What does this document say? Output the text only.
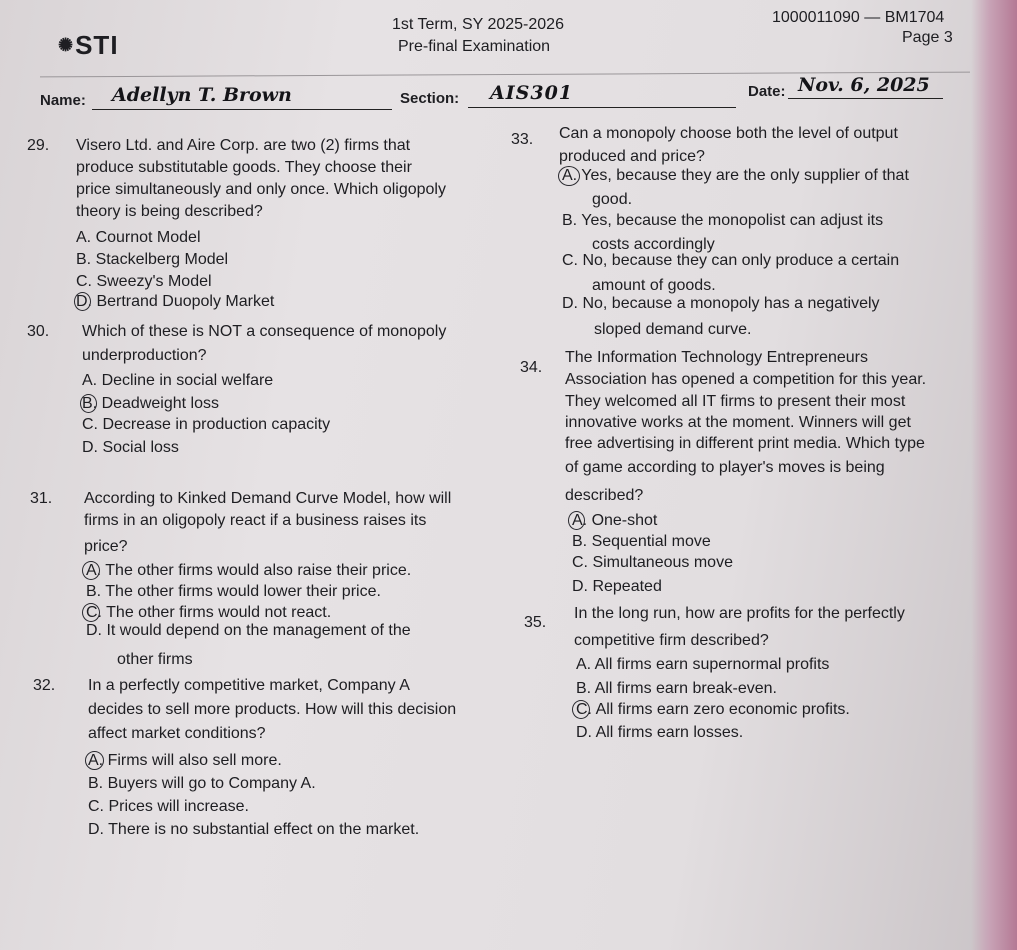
✺STI
1st Term, SY 2025-2026
Pre-final Examination
1000011090 — BM1704
Page 3
Name: Adellyn T. Brown	Section: AIS301	Date: Nov. 6, 2025
29. Visero Ltd. and Aire Corp. are two (2) firms that
produce substitutable goods. They choose their
price simultaneously and only once. Which oligopoly
theory is being described?
A. Cournot Model
B. Stackelberg Model
C. Sweezy's Model
D. Bertrand Duopoly Market
30. Which of these is NOT a consequence of monopoly
underproduction?
A. Decline in social welfare
B. Deadweight loss
C. Decrease in production capacity
D. Social loss
31. According to Kinked Demand Curve Model, how will
firms in an oligopoly react if a business raises its
price?
A. The other firms would also raise their price.
B. The other firms would lower their price.
C. The other firms would not react.
D. It would depend on the management of the
other firms
32. In a perfectly competitive market, Company A
decides to sell more products. How will this decision
affect market conditions?
A. Firms will also sell more.
B. Buyers will go to Company A.
C. Prices will increase.
D. There is no substantial effect on the market.
33. Can a monopoly choose both the level of output
produced and price?
A. Yes, because they are the only supplier of that
good.
B. Yes, because the monopolist can adjust its
costs accordingly
C. No, because they can only produce a certain
amount of goods.
D. No, because a monopoly has a negatively
sloped demand curve.
34.
The Information Technology Entrepreneurs
Association has opened a competition for this year.
They welcomed all IT firms to present their most
innovative works at the moment. Winners will get
free advertising in different print media. Which type
of game according to player's moves is being
described?
A. One-shot
B. Sequential move
C. Simultaneous move
D. Repeated
35.
In the long run, how are profits for the perfectly
competitive firm described?
A. All firms earn supernormal profits
B. All firms earn break-even.
C. All firms earn zero economic profits.
D. All firms earn losses.
